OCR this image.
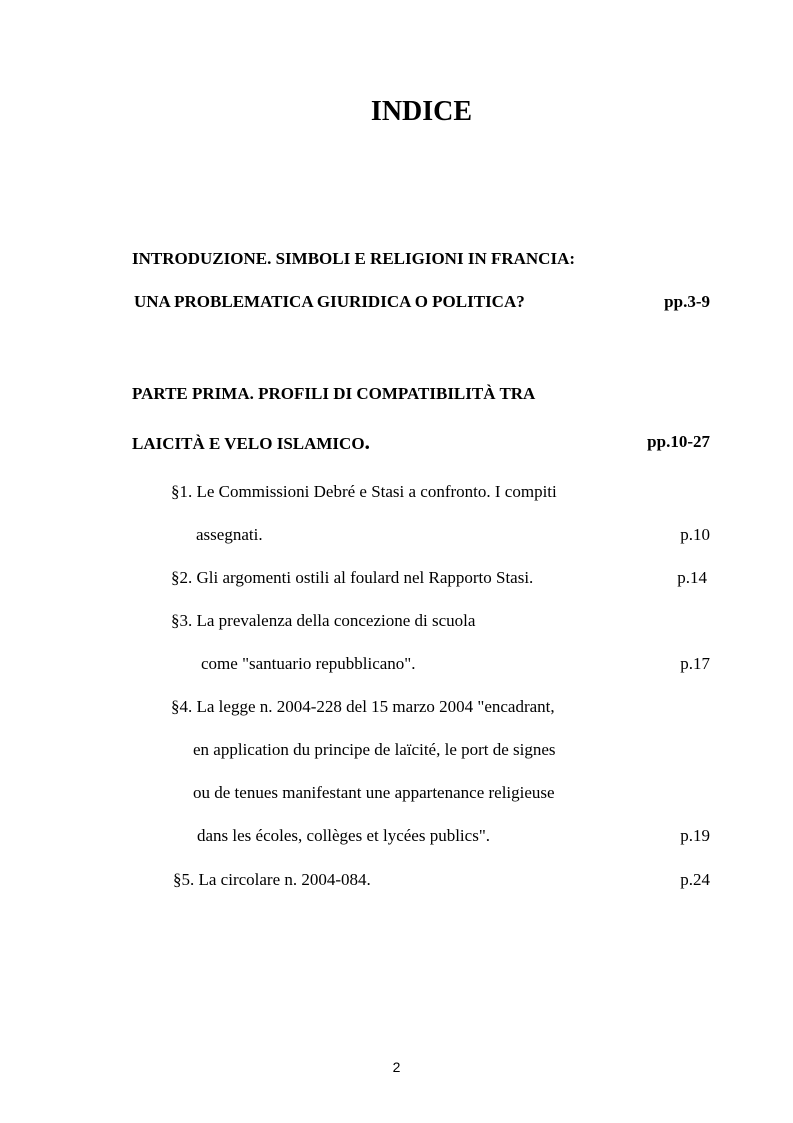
INDICE
INTRODUZIONE. SIMBOLI E RELIGIONI IN FRANCIA:
UNA PROBLEMATICA GIURIDICA O POLITICA?	pp.3-9
PARTE PRIMA. PROFILI DI COMPATIBILITÀ TRA
LAICITÀ E VELO ISLAMICO.	pp.10-27
§1. Le Commissioni Debré e Stasi a confronto. I compiti
assegnati.	p.10
§2. Gli argomenti ostili al foulard nel Rapporto Stasi.	p.14
§3. La prevalenza della concezione di scuola
come "santuario repubblicano".	p.17
§4. La legge n. 2004-228 del 15 marzo 2004 "encadrant,
en application du principe de laïcité, le port de signes
ou de tenues manifestant une appartenance religieuse
dans les écoles, collèges et lycées publics".	p.19
§5. La circolare n. 2004-084.	p.24
2
